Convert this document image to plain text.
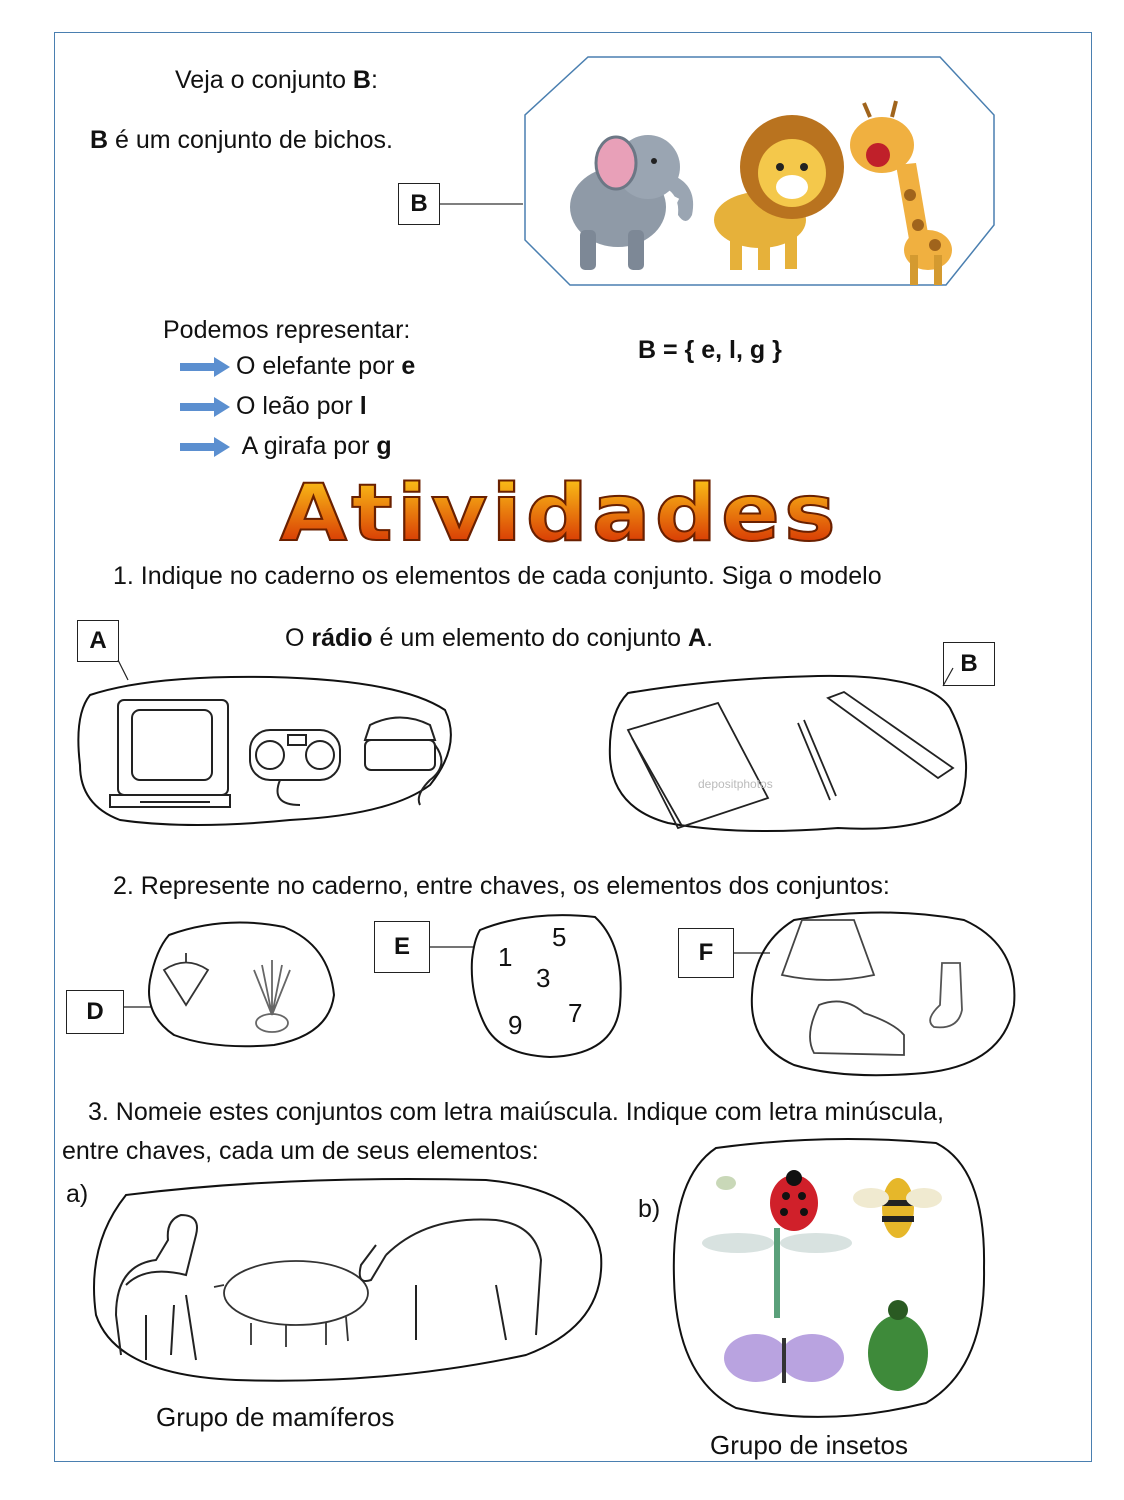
Veja o conjunto B:
B é um conjunto de bichos.
B
Podemos representar:
O elefante por e
O leão por l
A girafa por g
B = { e, l, g }
Atividades
1. Indique no caderno os elementos de cada conjunto. Siga o modelo
A	O rádio é um elemento do conjunto A.
B
depositphotos
2. Represente no caderno, entre chaves, os elementos dos conjuntos:
D
E	1
5
3
9 7
F
3. Nomeie estes conjuntos com letra maiúscula. Indique com letra minúscula,
entre chaves, cada um de seus elementos:
a)
Grupo de mamíferos
b)
Grupo de insetos
